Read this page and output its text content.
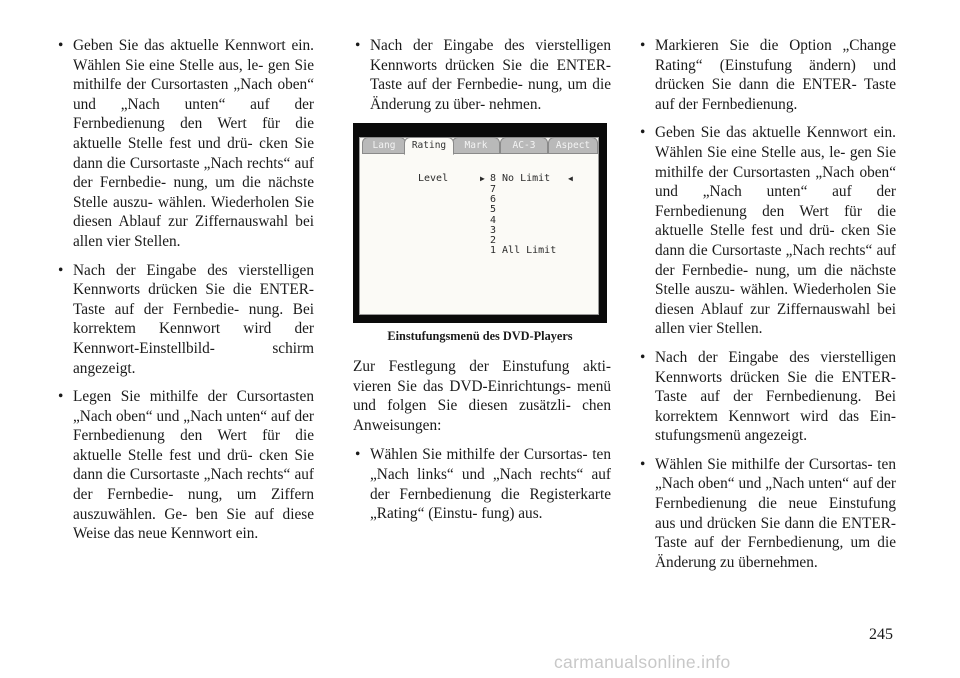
• Geben Sie das aktuelle Kennwort ein. Wählen Sie eine Stelle aus, le- gen Sie mithilfe der Cursortasten „Nach oben“ und „Nach unten“ auf der Fernbedienung den Wert für die aktuelle Stelle fest und drü- cken Sie dann die Cursortaste „Nach rechts“ auf der Fernbedie- nung, um die nächste Stelle auszu- wählen. Wiederholen Sie diesen Ablauf zur Ziffernauswahl bei allen vier Stellen.
• Nach der Eingabe des vierstelligen Kennworts drücken Sie die ENTER-Taste auf der Fernbedie- nung. Bei korrektem Kennwort wird der Kennwort-Einstellbild- schirm angezeigt.
• Legen Sie mithilfe der Cursortasten „Nach oben“ und „Nach unten“ auf der Fernbedienung den Wert für die aktuelle Stelle fest und drü- cken Sie dann die Cursortaste „Nach rechts“ auf der Fernbedie- nung, um Ziffern auszuwählen. Ge- ben Sie auf diese Weise das neue Kennwort ein.
• Nach der Eingabe des vierstelligen Kennworts drücken Sie die ENTER-Taste auf der Fernbedie- nung, um die Änderung zu über- nehmen.
Lang	Mark	AC-3	Aspect
Rating

Level

	▶

	◀

8 No Limit

7

6

5

4

3

2

1 All Limit

Einstufungsmenü des DVD-Players

Zur Festlegung der Einstufung akti- vieren Sie das DVD-Einrichtungs- menü und folgen Sie diesen zusätzli- chen Anweisungen:

• Wählen Sie mithilfe der Cursortas- ten „Nach links“ und „Nach rechts“ auf der Fernbedienung die Registerkarte „Rating“ (Einstu- fung) aus.
• Markieren Sie die Option „Change Rating“ (Einstufung ändern) und drücken Sie dann die ENTER- Taste auf der Fernbedienung.
• Geben Sie das aktuelle Kennwort ein. Wählen Sie eine Stelle aus, le- gen Sie mithilfe der Cursortasten „Nach oben“ und „Nach unten“ auf der Fernbedienung den Wert für die aktuelle Stelle fest und drü- cken Sie dann die Cursortaste „Nach rechts“ auf der Fernbedie- nung, um die nächste Stelle auszu- wählen. Wiederholen Sie diesen Ablauf zur Ziffernauswahl bei allen vier Stellen.
• Nach der Eingabe des vierstelligen Kennworts drücken Sie die ENTER- Taste auf der Fernbedienung. Bei korrektem Kennwort wird das Ein- stufungsmenü angezeigt.
• Wählen Sie mithilfe der Cursortas- ten „Nach oben“ und „Nach unten“ auf der Fernbedienung die neue Einstufung aus und drücken Sie dann die ENTER-Taste auf der Fernbedienung, um die Änderung zu übernehmen.
245
carmanualsonline.info
